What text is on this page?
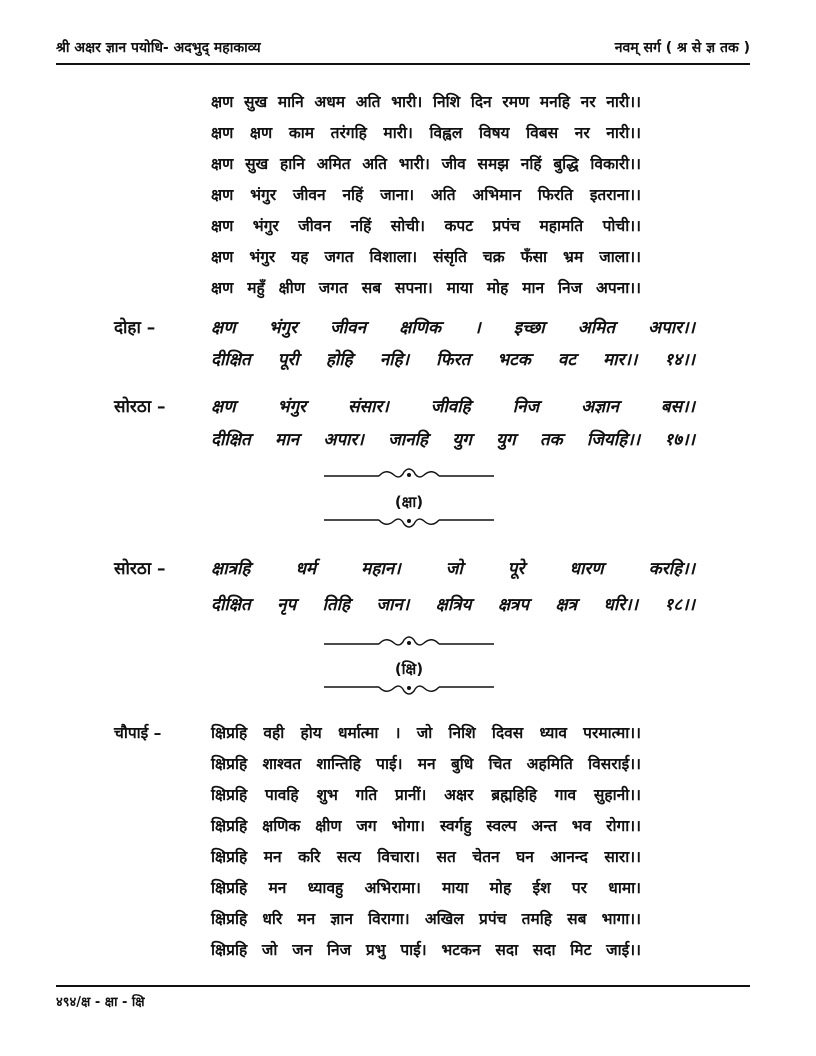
श्री अक्षर ज्ञान पयोधि- अदभुद् महाकाव्य	नवम् सर्ग ( श्र से ज्ञ तक )
क्षण सुख मानि अधम अति भारी। निशि दिन रमण मनहि नर नारी।।
क्षण क्षण काम तरंगहि मारी। विह्वल विषय विबस नर नारी।।
क्षण सुख हानि अमित अति भारी। जीव समझ नहिं बुद्धि विकारी।।
क्षण भंगुर जीवन नहिं जाना। अति अभिमान फिरति इतराना।।
क्षण भंगुर जीवन नहिं सोची। कपट प्रपंच महामति पोची।।
क्षण भंगुर यह जगत विशाला। संसृति चक्र फँसा भ्रम जाला।।
क्षण महुँ क्षीण जगत सब सपना। माया मोह मान निज अपना।।
दोहा –	क्षण भंगुर जीवन क्षणिक । इच्छा अमित अपार।।
दीक्षित पूरी होहि नहि। फिरत भटक वट मार।। १४।।
सोरठा –	क्षण भंगुर संसार। जीवहि निज अज्ञान बस।।
दीक्षित मान अपार। जानहि युग युग तक जियहि।। १७।।
(क्षा)
सोरठा –	क्षात्रहि धर्म महान। जो पूरे धारण करहि।।
दीक्षित नृप तिहि जान। क्षत्रिय क्षत्रप क्षत्र धरि।। १८।।
(क्षि)
चौपाई –	क्षिप्रहि वही होय धर्मात्मा । जो निशि दिवस ध्याव परमात्मा।।
क्षिप्रहि शाश्वत शान्तिहि पाई। मन बुधि चित अहमिति विसराई।।
क्षिप्रहि पावहि शुभ गति प्रानीं। अक्षर ब्रह्महिहि गाव सुहानी।।
क्षिप्रहि क्षणिक क्षीण जग भोगा। स्वर्गहु स्वल्प अन्त भव रोगा।।
क्षिप्रहि मन करि सत्य विचारा। सत चेतन घन आनन्द सारा।।
क्षिप्रहि मन ध्यावहु अभिरामा। माया मोह ईश पर धामा।
क्षिप्रहि धरि मन ज्ञान विरागा। अखिल प्रपंच तमहि सब भागा।।
क्षिप्रहि जो जन निज प्रभु पाई। भटकन सदा सदा मिट जाई।।
४९४/क्ष - क्षा - क्षि
